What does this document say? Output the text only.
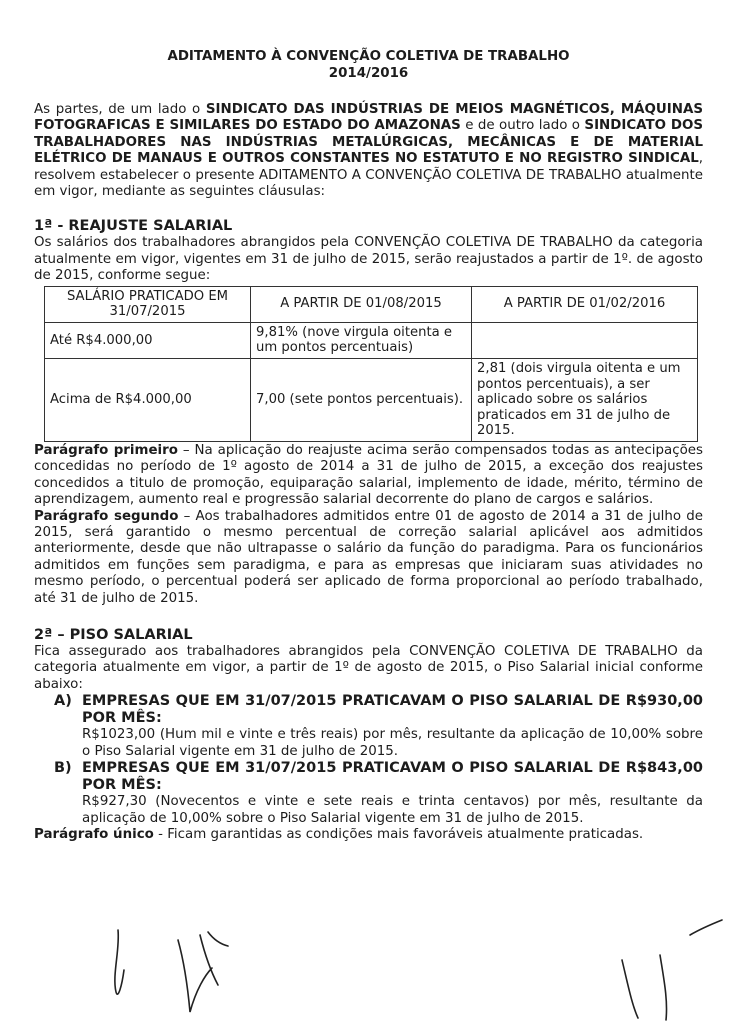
ADITAMENTO À CONVENÇÃO COLETIVA DE TRABALHO

2014/2016

As partes, de um lado o SINDICATO DAS INDÚSTRIAS DE MEIOS MAGNÉTICOS, MÁQUINAS FOTOGRAFICAS E SIMILARES DO ESTADO DO AMAZONAS e de outro lado o SINDICATO DOS TRABALHADORES NAS INDÚSTRIAS METALÚRGICAS, MECÂNICAS E DE MATERIAL ELÉTRICO DE MANAUS E OUTROS CONSTANTES NO ESTATUTO E NO REGISTRO SINDICAL, resolvem estabelecer o presente ADITAMENTO A CONVENÇÃO COLETIVA DE TRABALHO atualmente em vigor, mediante as seguintes cláusulas:

1ª - REAJUSTE SALARIAL

Os salários dos trabalhadores abrangidos pela CONVENÇÃO COLETIVA DE TRABALHO da categoria atualmente em vigor, vigentes em 31 de julho de 2015, serão reajustados a partir de 1º. de agosto de 2015, conforme segue:

SALÁRIO PRATICADO EM 31/07/2015	A PARTIR DE 01/08/2015	A PARTIR DE 01/02/2016
Até R$4.000,00	9,81% (nove virgula oitenta e um pontos percentuais)	
Acima de R$4.000,00	7,00 (sete pontos percentuais).	2,81 (dois virgula oitenta e um pontos percentuais), a ser aplicado sobre os salários praticados em 31 de julho de 2015.

Parágrafo primeiro – Na aplicação do reajuste acima serão compensados todas as antecipações concedidas no período de 1º agosto de 2014 a 31 de julho de 2015, a exceção dos reajustes concedidos a titulo de promoção, equiparação salarial, implemento de idade, mérito, término de aprendizagem, aumento real e progressão salarial decorrente do plano de cargos e salários.

Parágrafo segundo – Aos trabalhadores admitidos entre 01 de agosto de 2014 a 31 de julho de 2015, será garantido o mesmo percentual de correção salarial aplicável aos admitidos anteriormente, desde que não ultrapasse o salário da função do paradigma. Para os funcionários admitidos em funções sem paradigma, e para as empresas que iniciaram suas atividades no mesmo período, o percentual poderá ser aplicado de forma proporcional ao período trabalhado, até 31 de julho de 2015.

2ª – PISO SALARIAL

Fica assegurado aos trabalhadores abrangidos pela CONVENÇÃO COLETIVA DE TRABALHO da categoria atualmente em vigor, a partir de 1º de agosto de 2015, o Piso Salarial inicial conforme abaixo:

A) EMPRESAS QUE EM 31/07/2015 PRATICAVAM O PISO SALARIAL DE R$930,00 POR MÊS:

R$1023,00 (Hum mil e vinte e três reais) por mês, resultante da aplicação de 10,00% sobre o Piso Salarial vigente em 31 de julho de 2015.

B) EMPRESAS QUE EM 31/07/2015 PRATICAVAM O PISO SALARIAL DE R$843,00 POR MÊS:

R$927,30 (Novecentos e vinte e sete reais e trinta centavos) por mês, resultante da aplicação de 10,00% sobre o Piso Salarial vigente em 31 de julho de 2015.

Parágrafo único - Ficam garantidas as condições mais favoráveis atualmente praticadas.
